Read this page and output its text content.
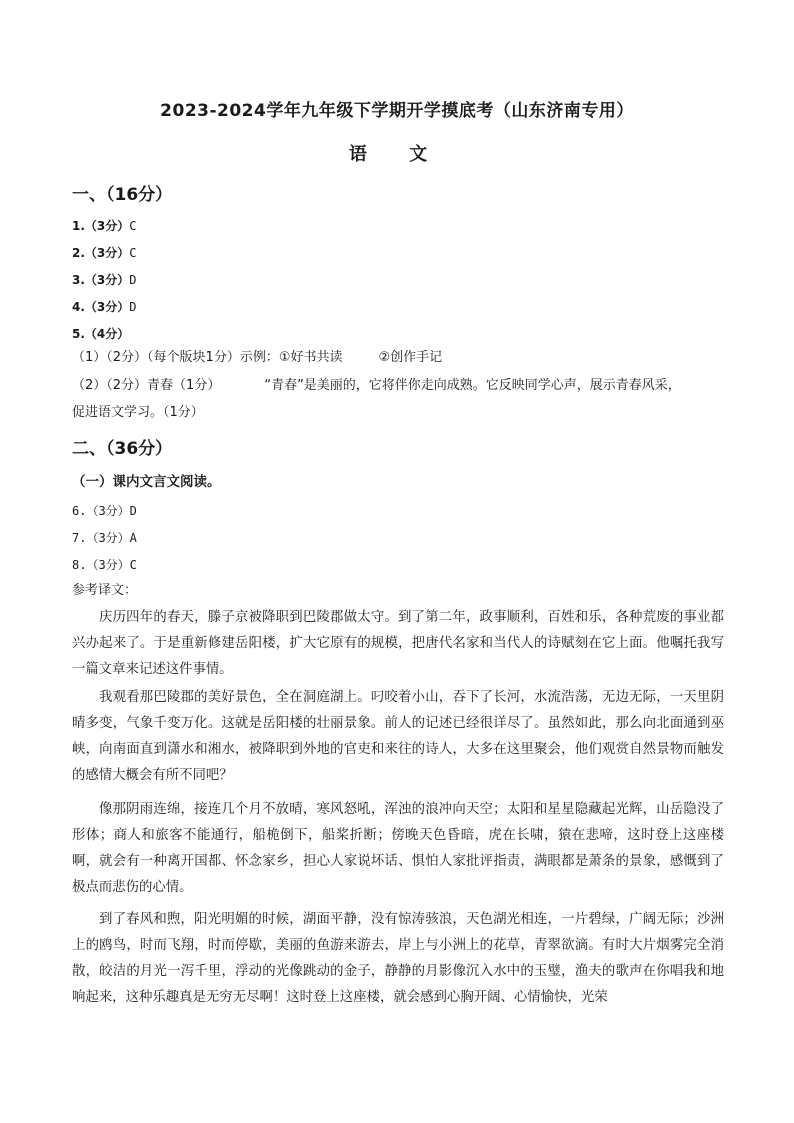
2023-2024学年九年级下学期开学摸底考（山东济南专用）
语 文
一、（16分）
1.（3分）C
2.（3分）C
3.（3分）D
4.（3分）D
5.（4分）
（1）（2分）（每个版块1分）示例：①好书共读	②创作手记
（2）（2分）青春（1分）	“青春”是美丽的，它将伴你走向成熟。它反映同学心声，展示青春风采，
促进语文学习。（1分）
二、（36分）
（一）课内文言文阅读。
6.（3分）D
7.（3分）A
8.（3分）C
参考译文：
庆历四年的春天，滕子京被降职到巴陵郡做太守。到了第二年，政事顺利，百姓和乐，各种荒废的事业都兴办起来了。于是重新修建岳阳楼，扩大它原有的规模，把唐代名家和当代人的诗赋刻在它上面。他嘱托我写一篇文章来记述这件事情。
我观看那巴陵郡的美好景色，全在洞庭湖上。叼咬着小山，吞下了长河，水流浩荡，无边无际，一天里阴晴多变，气象千变万化。这就是岳阳楼的壮丽景象。前人的记述已经很详尽了。虽然如此，那么向北面通到巫峡，向南面直到潇水和湘水，被降职到外地的官吏和来往的诗人，大多在这里聚会，他们观赏自然景物而触发的感情大概会有所不同吧？
像那阴雨连绵，接连几个月不放晴，寒风怒吼，浑浊的浪冲向天空；太阳和星星隐藏起光辉，山岳隐没了形体；商人和旅客不能通行，船桅倒下，船桨折断；傍晚天色昏暗，虎在长啸，猿在悲啼，这时登上这座楼啊，就会有一种离开国都、怀念家乡，担心人家说坏话、惧怕人家批评指责，满眼都是萧条的景象，感慨到了极点而悲伤的心情。
到了春风和煦，阳光明媚的时候，湖面平静，没有惊涛骇浪，天色湖光相连，一片碧绿，广阔无际；沙洲上的鸥鸟，时而飞翔，时而停歇，美丽的鱼游来游去，岸上与小洲上的花草，青翠欲滴。有时大片烟雾完全消散，皎洁的月光一泻千里，浮动的光像跳动的金子，静静的月影像沉入水中的玉璧，渔夫的歌声在你唱我和地响起来，这种乐趣真是无穷无尽啊！这时登上这座楼，就会感到心胸开阔、心情愉快，光荣
